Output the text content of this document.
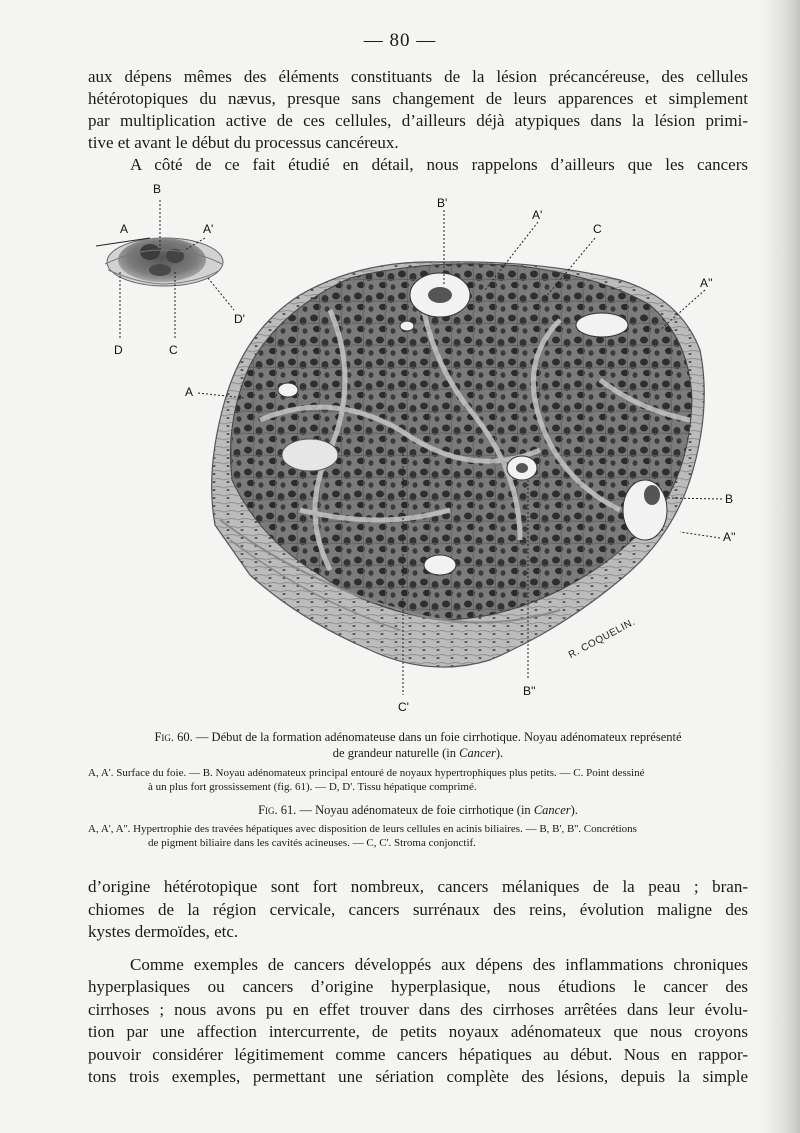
— 80 —
aux dépens mêmes des éléments constituants de la lésion précancéreuse, des cellules
hétérotopiques du nævus, presque sans changement de leurs apparences et simplement
par multiplication active de ces cellules, d’ailleurs déjà atypiques dans la lésion primi-
tive et avant le début du processus cancéreux.
A côté de ce fait étudié en détail, nous rappelons d’ailleurs que les cancers
B
A	A'
D'
D	C
B'
A'
C
A''
A
B
A''
B''
C'
R. COQUELIN.
Fig. 60. — Début de la formation adénomateuse dans un foie cirrhotique. Noyau adénomateux représenté
de grandeur naturelle (in Cancer).
A, A'. Surface du foie. — B. Noyau adénomateux principal entouré de noyaux hypertrophiques plus petits. — C. Point dessiné
à un plus fort grossissement (fig. 61). — D, D'. Tissu hépatique comprimé.
Fig. 61. — Noyau adénomateux de foie cirrhotique (in Cancer).
A, A', A''. Hypertrophie des travées hépatiques avec disposition de leurs cellules en acinis biliaires. — B, B', B''. Concrétions
de pigment biliaire dans les cavités acineuses. — C, C'. Stroma conjonctif.
d’origine hétérotopique sont fort nombreux, cancers mélaniques de la peau ; bran-
chiomes de la région cervicale, cancers surrénaux des reins, évolution maligne des
kystes dermoïdes, etc.
Comme exemples de cancers développés aux dépens des inflammations chroniques
hyperplasiques ou cancers d’origine hyperplasique, nous étudions le cancer des
cirrhoses ; nous avons pu en effet trouver dans des cirrhoses arrêtées dans leur évolu-
tion par une affection intercurrente, de petits noyaux adénomateux que nous croyons
pouvoir considérer légitimement comme cancers hépatiques au début. Nous en rappor-
tons trois exemples, permettant une sériation complète des lésions, depuis la simple
